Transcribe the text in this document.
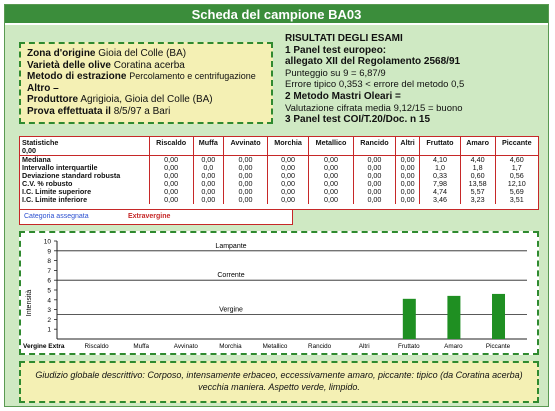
Scheda del campione BA03
Zona d'origine Gioia del Colle (BA)
Varietà delle olive Coratina acerba
Metodo di estrazione Percolamento e centrifugazione
Altro –
Produttore Agrigioia, Gioia del Colle (BA)
Prova effettuata il 8/5/97 a Bari
RISULTATI DEGLI ESAMI
1 Panel test europeo:
allegato XII del Regolamento 2568/91
Punteggio su 9 = 6,87/9
Errore tipico 0,353 < errore del metodo 0,5
2 Metodo Mastri Oleari =
Valutazione cifrata media 9,12/15 = buono
3 Panel test COI/T.20/Doc. n 15
Statistiche
0,00	Riscaldo	Muffa	Avvinato	Morchia	Metallico	Rancido	Altri	Fruttato	Amaro	Piccante
Mediana	0,00	0,00	0,00	0,00	0,00	0,00	0,00	4,10	4,40	4,60
Intervallo interquartile	0,00	0,0	0,00	0,00	0,00	0,00	0,00	1,0	1,8	1,7
Deviazione standard robusta	0,00	0,00	0,00	0,00	0,00	0,00	0,00	0,33	0,60	0,56
C.V. % robusto	0,00	0,00	0,00	0,00	0,00	0,00	0,00	7,98	13,58	12,10
I.C. Limite superiore	0,00	0,00	0,00	0,00	0,00	0,00	0,00	4,74	5,57	5,69
I.C. Limite inferiore	0,00	0,00	0,00	0,00	0,00	0,00	0,00	3,46	3,23	3,51
Categoria assegnata	Extravergine
1
2
3
4
5
6
7
8
9
10
Intensità
Lampante
Corrente
Vergine
Riscaldo	Muffa	Avvinato	Morchia	Metallico	Rancido	Altri	Fruttato	Amaro	Piccante
Vergine Extra
Giudizio globale descrittivo: Corposo, intensamente erbaceo, eccessivamente amaro, piccante: tipico (da Coratina acerba) vecchia maniera. Aspetto verde, limpido.
